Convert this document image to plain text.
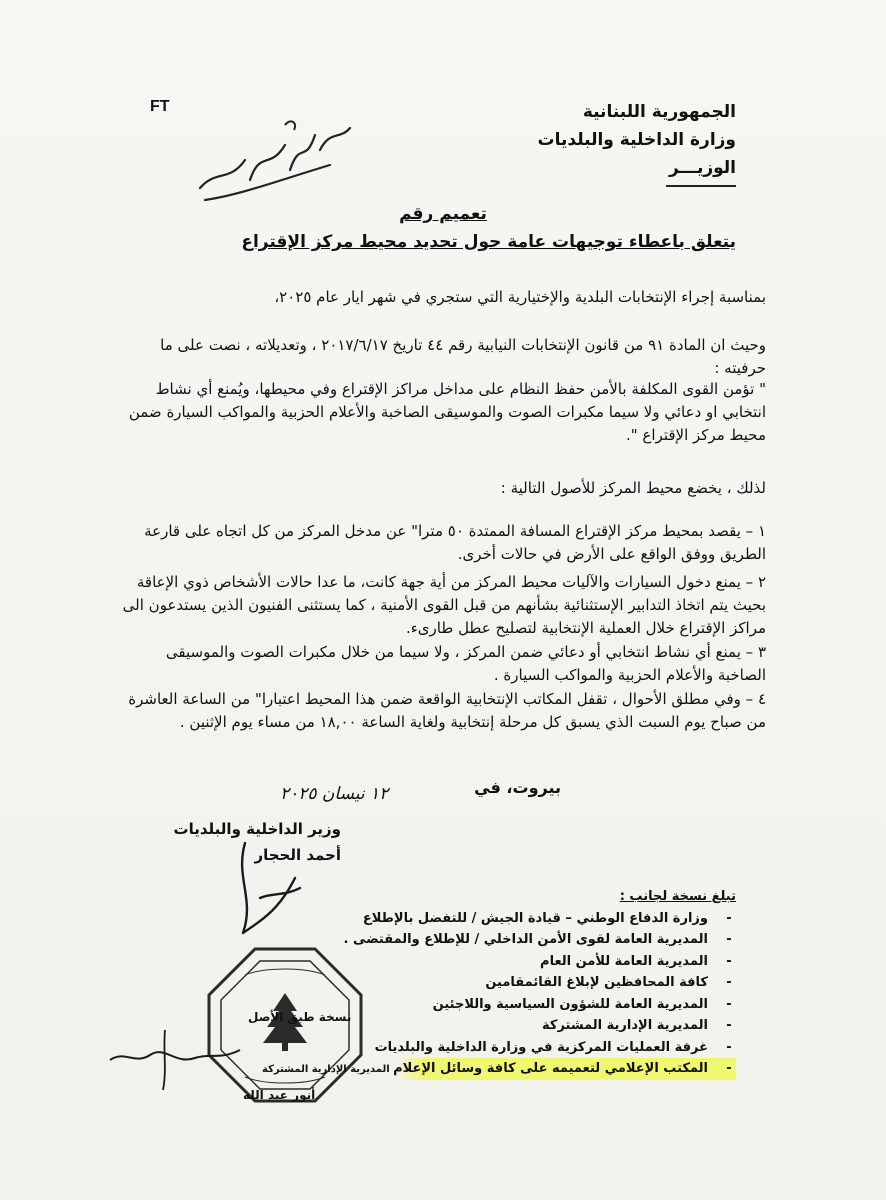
الجمهورية اللبنانية
وزارة الداخلية والبلديات
الوزيـــر
FT
تعميم رقم
يتعلق باعطاء توجيهات عامة حول تحديد محيط مركز الإقتراع
بمناسبة إجراء الإنتخابات البلدية والإختيارية التي ستجري في شهر ايار عام ٢٠٢٥،
وحيث ان المادة ٩١ من قانون الإنتخابات النيابية رقم ٤٤ تاريخ ٢٠١٧/٦/١٧ ، وتعديلاته ، نصت على ما حرفيته :
" تؤمن القوى المكلفة بالأمن حفظ النظام على مداخل مراكز الإقتراع وفي محيطها، ويُمنع أي نشاط انتخابي او دعائي ولا سيما مكبرات الصوت والموسيقى الصاخبة والأعلام الحزبية والمواكب السيارة ضمن محيط مركز الإقتراع ".
لذلك ، يخضع محيط المركز للأصول التالية :
١ – يقصد بمحيط مركز الإقتراع المسافة الممتدة ٥٠ مترا" عن مدخل المركز من كل اتجاه على قارعة الطريق ووفق الواقع على الأرض في حالات أخرى.
٢ – يمنع دخول السيارات والآليات محيط المركز من أية جهة كانت، ما عدا حالات الأشخاص ذوي الإعاقة بحيث يتم اتخاذ التدابير الإستثنائية بشأنهم من قبل القوى الأمنية ، كما يستثنى الفنيون الذين يستدعون الى مراكز الإقتراع خلال العملية الإنتخابية لتصليح عطل طارىء.
٣ – يمنع أي نشاط انتخابي أو دعائي ضمن المركز ، ولا سيما من خلال مكبرات الصوت والموسيقى الصاخبة والأعلام الحزبية والمواكب السيارة .
٤ – وفي مطلق الأحوال ، تقفل المكاتب الإنتخابية الواقعة ضمن هذا المحيط اعتبارا" من الساعة العاشرة من صباح يوم السبت الذي يسبق كل مرحلة إنتخابية ولغاية الساعة ١٨,٠٠ من مساء يوم الإثنين .
بيروت، في
١٢ نيسان ٢٠٢٥
وزير الداخلية والبلديات
أحمد الحجار
تبلغ نسخة لجانب :
-
وزارة الدفاع الوطني – قيادة الجيش / للتفضل بالإطلاع
-
المديرية العامة لقوى الأمن الداخلي / للإطلاع والمقتضى .
-
المديرية العامة للأمن العام
-
كافة المحافظين لإبلاغ القائمقامين
-
المديرية العامة للشؤون السياسية واللاجئين
-
المديرية الإدارية المشتركة
-
غرفة العمليات المركزية في وزارة الداخلية والبلديات
-
المكتب الإعلامي لتعميمه على كافة وسائل الإعلام
المديرية الإدارية المشتركة
نسخة طبق الأصل
أنور عبد الله
